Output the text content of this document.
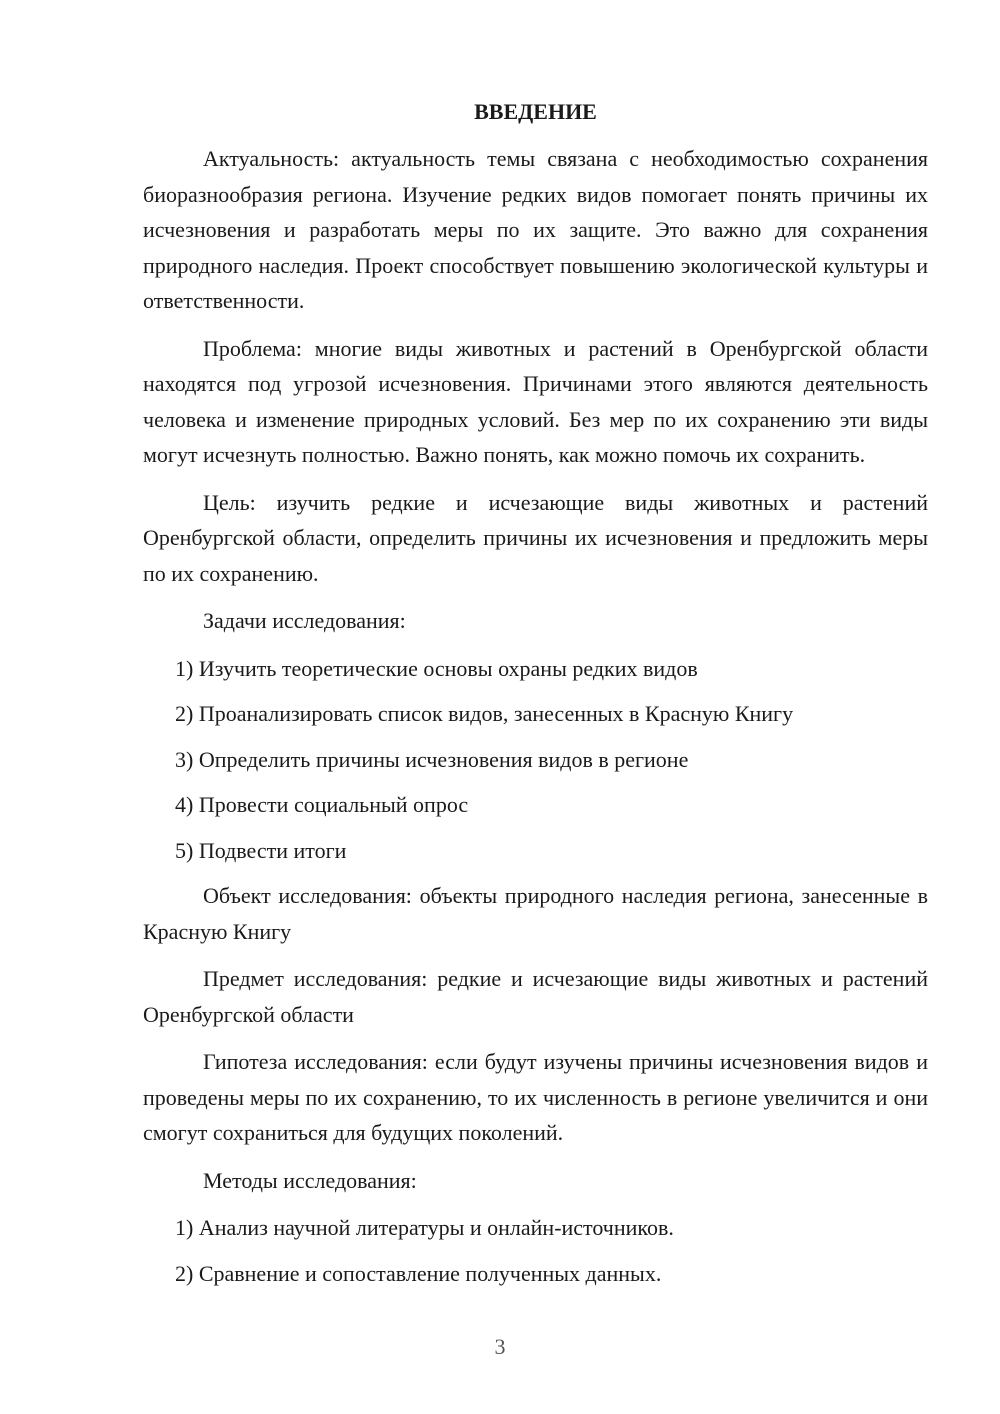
ВВЕДЕНИЕ

Актуальность: актуальность темы связана с необходимостью сохранения биоразнообразия региона. Изучение редких видов помогает понять причины их исчезновения и разработать меры по их защите. Это важно для сохранения природного наследия. Проект способствует повышению экологической культуры и ответственности.

Проблема: многие виды животных и растений в Оренбургской области находятся под угрозой исчезновения. Причинами этого являются деятельность человека и изменение природных условий. Без мер по их сохранению эти виды могут исчезнуть полностью. Важно понять, как можно помочь их сохранить.

Цель: изучить редкие и исчезающие виды животных и растений Оренбургской области, определить причины их исчезновения и предложить меры по их сохранению.

Задачи исследования:

1) Изучить теоретические основы охраны редких видов
2) Проанализировать список видов, занесенных в Красную Книгу
3) Определить причины исчезновения видов в регионе
4) Провести социальный опрос
5) Подвести итоги

Объект исследования: объекты природного наследия региона, занесенные в Красную Книгу

Предмет исследования: редкие и исчезающие виды животных и растений Оренбургской области

Гипотеза исследования: если будут изучены причины исчезновения видов и проведены меры по их сохранению, то их численность в регионе увеличится и они смогут сохраниться для будущих поколений.

Методы исследования:

1) Анализ научной литературы и онлайн-источников.
2) Сравнение и сопоставление полученных данных.
3
